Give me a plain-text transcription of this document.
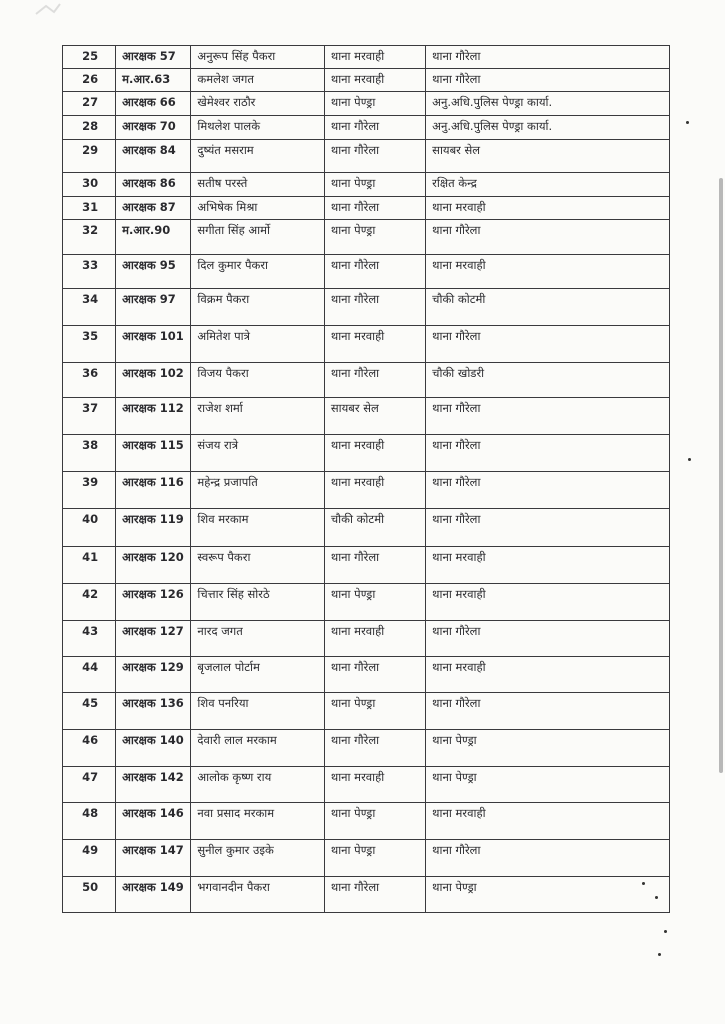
25	आरक्षक 57	अनुरूप सिंह पैकरा	थाना मरवाही	थाना गौरेला
26	म.आर.63	कमलेश जगत	थाना मरवाही	थाना गौरेला
27	आरक्षक 66	खेमेश्वर राठौर	थाना पेण्ड्रा	अनु.अधि.पुलिस पेण्ड्रा कार्या.
28	आरक्षक 70	मिथलेश पालके	थाना गौरेला	अनु.अधि.पुलिस पेण्ड्रा कार्या.
29	आरक्षक 84	दुष्यंत मसराम	थाना गौरेला	सायबर सेल
30	आरक्षक 86	सतीष परस्ते	थाना पेण्ड्रा	रक्षित केन्द्र
31	आरक्षक 87	अभिषेक मिश्रा	थाना गौरेला	थाना मरवाही
32	म.आर.90	सगीता सिंह आर्मो	थाना पेण्ड्रा	थाना गौरेला
33	आरक्षक 95	दिल कुमार पैकरा	थाना गौरेला	थाना मरवाही
34	आरक्षक 97	विक्रम पैकरा	थाना गौरेला	चौकी कोटमी
35	आरक्षक 101	अमितेश पात्रे	थाना मरवाही	थाना गौरेला
36	आरक्षक 102	विजय पैकरा	थाना गौरेला	चौकी खोडरी
37	आरक्षक 112	राजेश शर्मा	सायबर सेल	थाना गौरेला
38	आरक्षक 115	संजय रात्रे	थाना मरवाही	थाना गौरेला
39	आरक्षक 116	महेन्द्र प्रजापति	थाना मरवाही	थाना गौरेला
40	आरक्षक 119	शिव मरकाम	चौकी कोटमी	थाना गौरेला
41	आरक्षक 120	स्वरूप पैकरा	थाना गौरेला	थाना मरवाही
42	आरक्षक 126	चित्तार सिंह सोरठे	थाना पेण्ड्रा	थाना मरवाही
43	आरक्षक 127	नारद जगत	थाना मरवाही	थाना गौरेला
44	आरक्षक 129	बृजलाल पोर्टाम	थाना गौरेला	थाना मरवाही
45	आरक्षक 136	शिव पनरिया	थाना पेण्ड्रा	थाना गौरेला
46	आरक्षक 140	देवारी लाल मरकाम	थाना गौरेला	थाना पेण्ड्रा
47	आरक्षक 142	आलोक कृष्ण राय	थाना मरवाही	थाना पेण्ड्रा
48	आरक्षक 146	नवा प्रसाद मरकाम	थाना पेण्ड्रा	थाना मरवाही
49	आरक्षक 147	सुनील कुमार उइके	थाना पेण्ड्रा	थाना गौरेला
50	आरक्षक 149	भगवानदीन पैकरा	थाना गौरेला	थाना पेण्ड्रा
